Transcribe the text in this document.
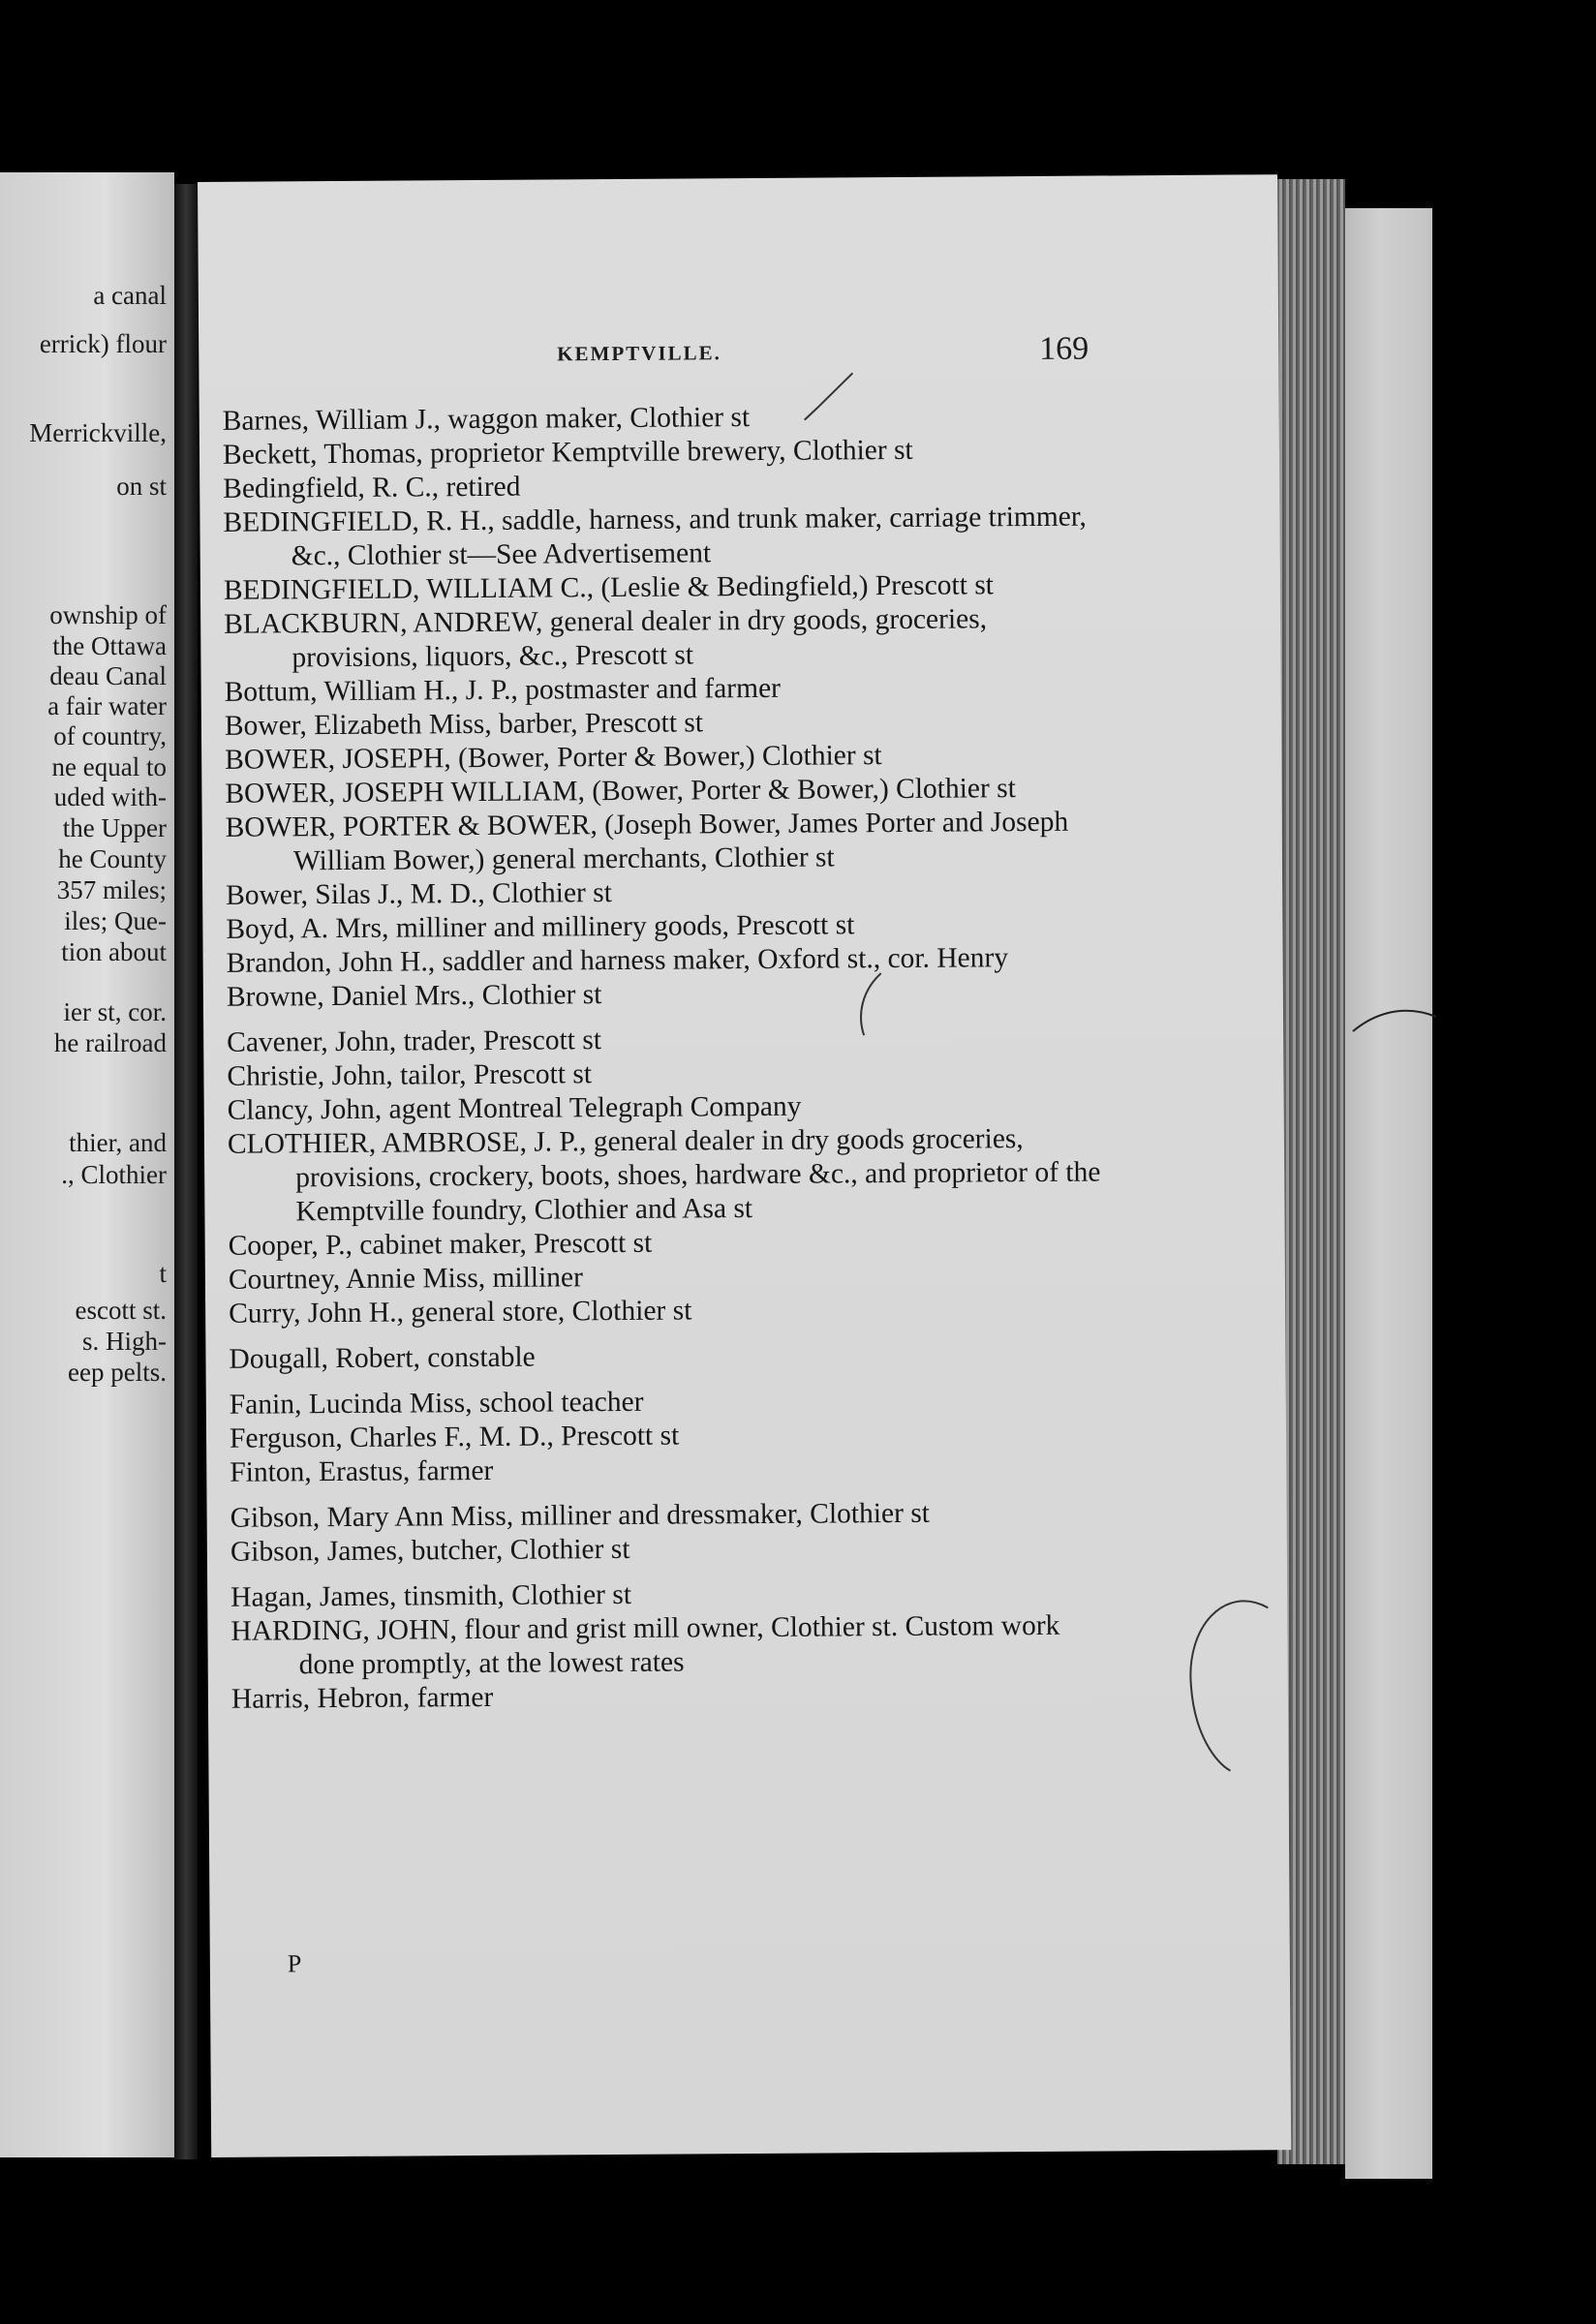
a canal
errick) flour
Merrickville,
on st
ownship of
the Ottawa
deau Canal
a fair water
of country,
ne equal to
uded with-
the Upper
he County
357 miles;
iles; Que-
tion about
ier st, cor.
he railroad
thier, and
., Clothier
t
escott st.
s. High-
eep pelts.
KEMPTVILLE.	169
Barnes, William J., waggon maker, Clothier st
Beckett, Thomas, proprietor Kemptville brewery, Clothier st
Bedingfield, R. C., retired
BEDINGFIELD, R. H., saddle, harness, and trunk maker, carriage trimmer, &c., Clothier st—See Advertisement
BEDINGFIELD, WILLIAM C., (Leslie & Bedingfield,) Prescott st
BLACKBURN, ANDREW, general dealer in dry goods, groceries, provisions, liquors, &c., Prescott st
Bottum, William H., J. P., postmaster and farmer
Bower, Elizabeth Miss, barber, Prescott st
BOWER, JOSEPH, (Bower, Porter & Bower,) Clothier st
BOWER, JOSEPH WILLIAM, (Bower, Porter & Bower,) Clothier st
BOWER, PORTER & BOWER, (Joseph Bower, James Porter and Joseph William Bower,) general merchants, Clothier st
Bower, Silas J., M. D., Clothier st
Boyd, A. Mrs, milliner and millinery goods, Prescott st
Brandon, John H., saddler and harness maker, Oxford st., cor. Henry
Browne, Daniel Mrs., Clothier st
Cavener, John, trader, Prescott st
Christie, John, tailor, Prescott st
Clancy, John, agent Montreal Telegraph Company
CLOTHIER, AMBROSE, J. P., general dealer in dry goods groceries, provisions, crockery, boots, shoes, hardware &c., and proprietor of the Kemptville foundry, Clothier and Asa st
Cooper, P., cabinet maker, Prescott st
Courtney, Annie Miss, milliner
Curry, John H., general store, Clothier st
Dougall, Robert, constable
Fanin, Lucinda Miss, school teacher
Ferguson, Charles F., M. D., Prescott st
Finton, Erastus, farmer
Gibson, Mary Ann Miss, milliner and dressmaker, Clothier st
Gibson, James, butcher, Clothier st
Hagan, James, tinsmith, Clothier st
HARDING, JOHN, flour and grist mill owner, Clothier st. Custom work done promptly, at the lowest rates
Harris, Hebron, farmer
P
